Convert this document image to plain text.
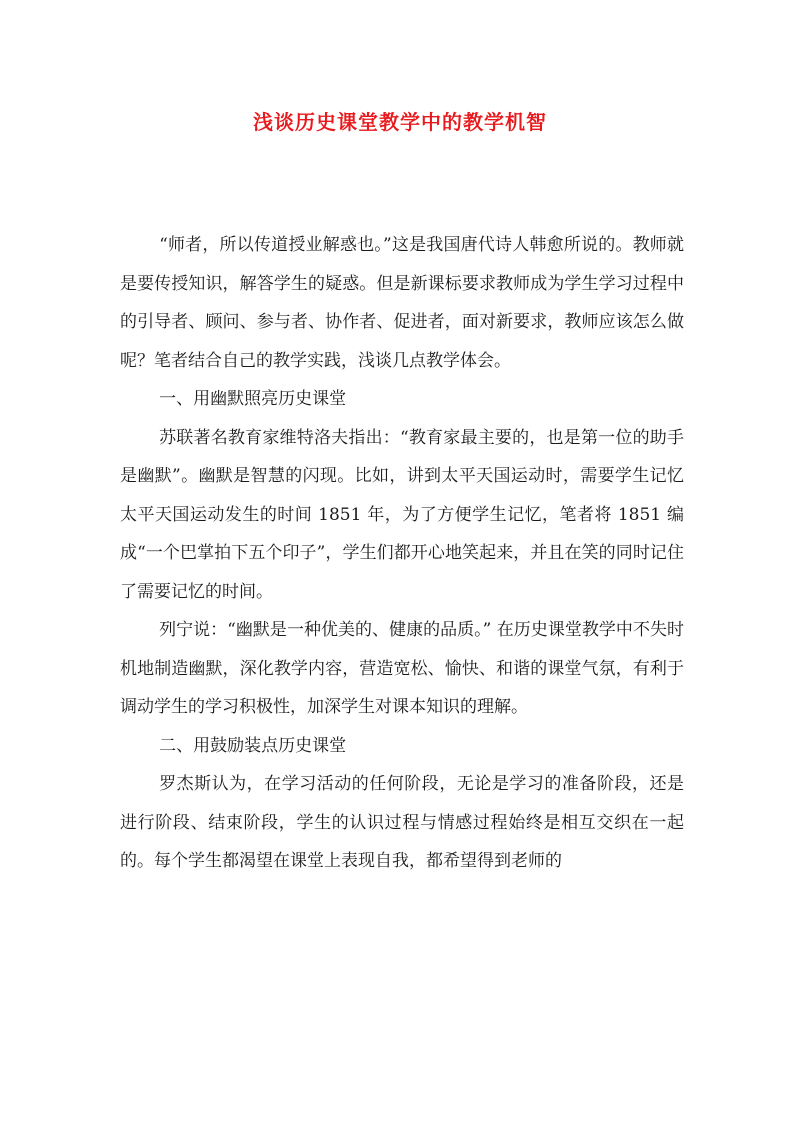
浅谈历史课堂教学中的教学机智

“师者，所以传道授业解惑也。”这是我国唐代诗人韩愈所说的。教师就是要传授知识，解答学生的疑惑。但是新课标要求教师成为学生学习过程中的引导者、顾问、参与者、协作者、促进者，面对新要求，教师应该怎么做呢？笔者结合自己的教学实践，浅谈几点教学体会。

一、用幽默照亮历史课堂

苏联著名教育家维特洛夫指出：“教育家最主要的，也是第一位的助手是幽默”。幽默是智慧的闪现。比如，讲到太平天国运动时，需要学生记忆太平天国运动发生的时间 1851 年，为了方便学生记忆，笔者将 1851 编成“一个巴掌拍下五个印子”，学生们都开心地笑起来，并且在笑的同时记住了需要记忆的时间。

列宁说：“幽默是一种优美的、健康的品质。” 在历史课堂教学中不失时机地制造幽默，深化教学内容，营造宽松、愉快、和谐的课堂气氛，有利于调动学生的学习积极性，加深学生对课本知识的理解。

二、用鼓励装点历史课堂

罗杰斯认为，在学习活动的任何阶段，无论是学习的准备阶段，还是进行阶段、结束阶段，学生的认识过程与情感过程始终是相互交织在一起的。每个学生都渴望在课堂上表现自我，都希望得到老师的
